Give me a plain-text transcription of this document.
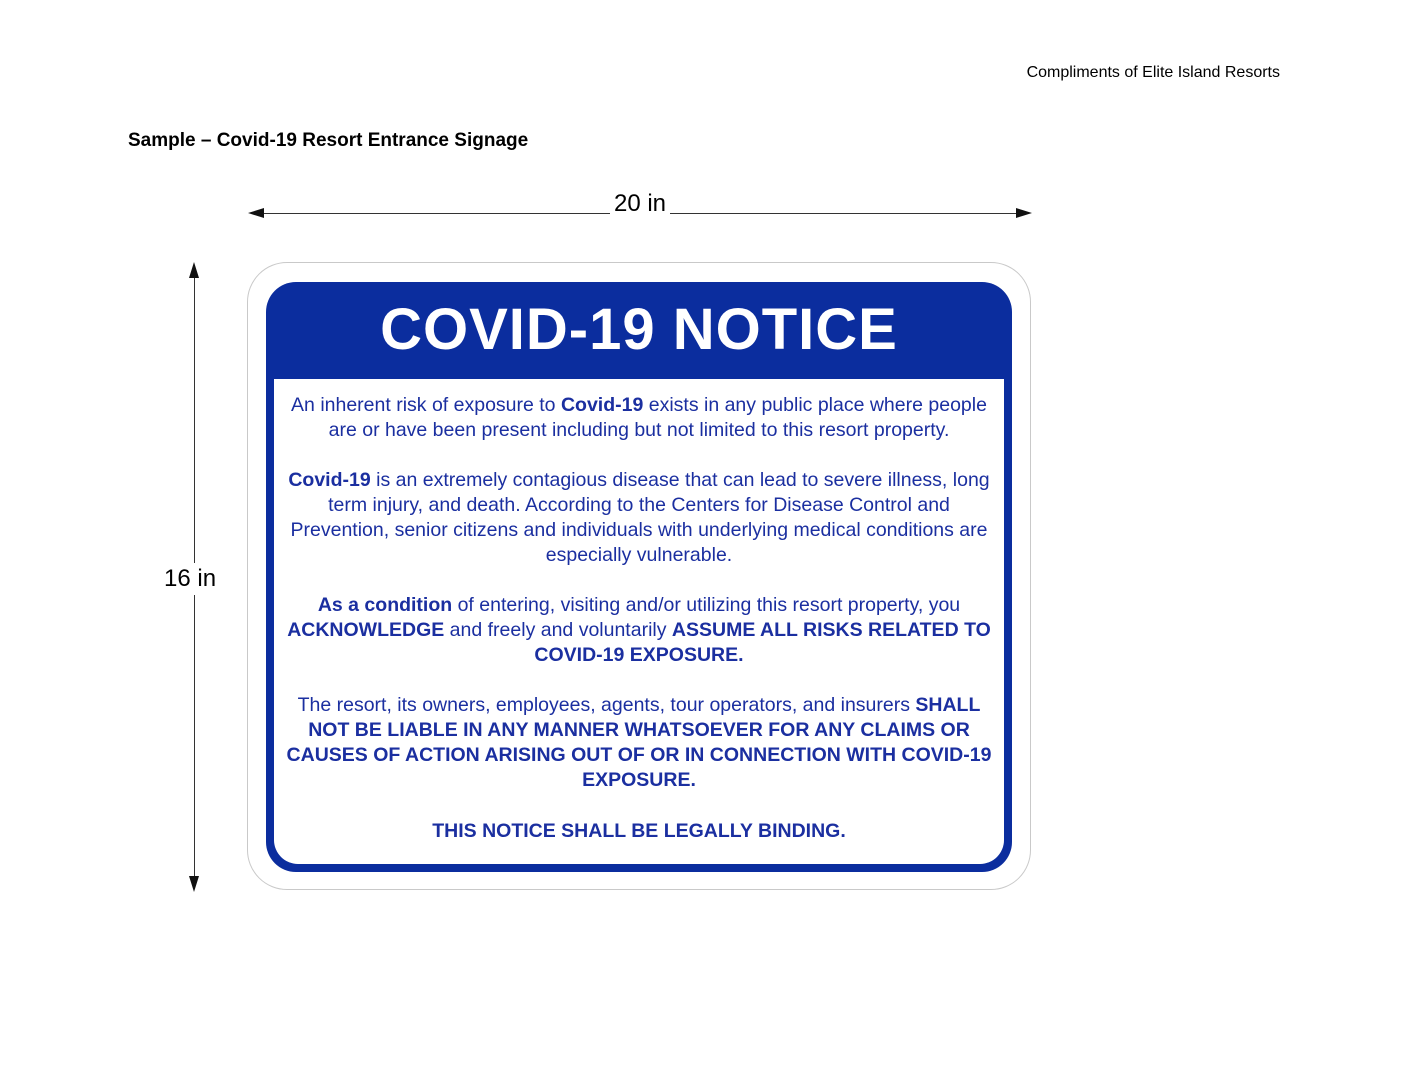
Compliments of Elite Island Resorts
Sample – Covid-19 Resort Entrance Signage
20 in
16 in
COVID-19 NOTICE

An inherent risk of exposure to Covid-19 exists in any public place where people are or have been present including but not limited to this resort property.

Covid-19 is an extremely contagious disease that can lead to severe illness, long term injury, and death. According to the Centers for Disease Control and Prevention, senior citizens and individuals with underlying medical conditions are especially vulnerable.

As a condition of entering, visiting and/or utilizing this resort property, you ACKNOWLEDGE and freely and voluntarily ASSUME ALL RISKS RELATED TO COVID-19 EXPOSURE.

The resort, its owners, employees, agents, tour operators, and insurers SHALL NOT BE LIABLE IN ANY MANNER WHATSOEVER FOR ANY CLAIMS OR CAUSES OF ACTION ARISING OUT OF OR IN CONNECTION WITH COVID-19 EXPOSURE.

THIS NOTICE SHALL BE LEGALLY BINDING.
